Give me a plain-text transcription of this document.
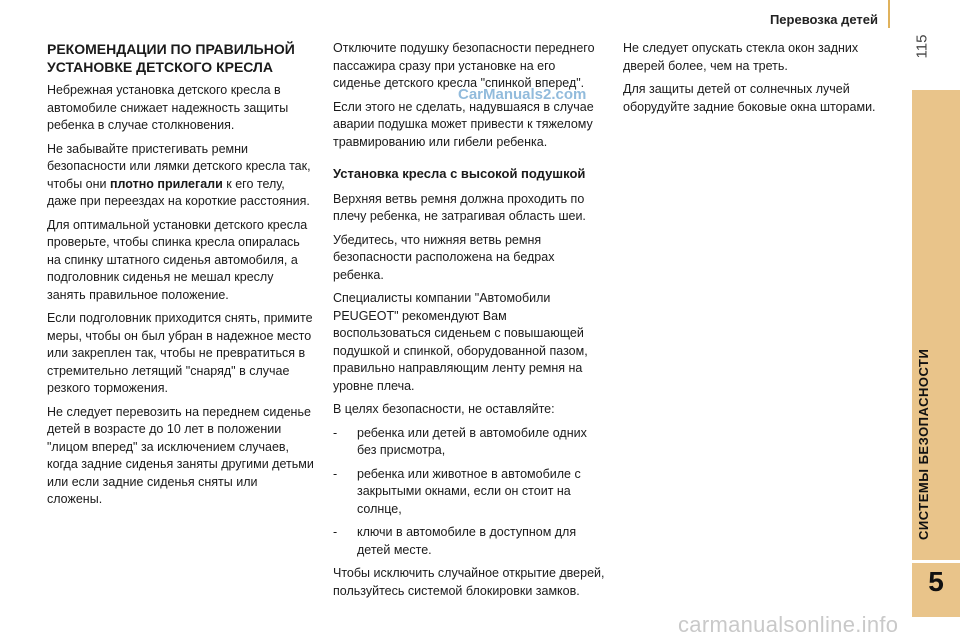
Перевозка детей
115
СИСТЕМЫ БЕЗОПАСНОСТИ
5
РЕКОМЕНДАЦИИ ПО ПРАВИЛЬНОЙ УСТАНОВКЕ ДЕТСКОГО КРЕСЛА

Небрежная установка детского кресла в автомобиле снижает надежность защиты ребенка в случае столкновения.

Не забывайте пристегивать ремни безопасности или лямки детского кресла так, чтобы они плотно прилегали к его телу, даже при переездах на короткие расстояния.

Для оптимальной установки детского кресла проверьте, чтобы спинка кресла опиралась на спинку штатного сиденья автомобиля, а подголовник сиденья не мешал креслу занять правильное положение.

Если подголовник приходится снять, примите меры, чтобы он был убран в надежное место или закреплен так, чтобы не превратиться в стремительно летящий "снаряд" в случае резкого торможения.

Не следует перевозить на переднем сиденье детей в возрасте до 10 лет в положении "лицом вперед" за исключением случаев, когда задние сиденья заняты другими детьми или если задние сиденья сняты или сложены.

Отключите подушку безопасности переднего пассажира сразу при установке на его сиденье детского кресла "спинкой вперед".

Если этого не сделать, надувшаяся в случае аварии подушка может привести к тяжелому травмированию или гибели ребенка.

Установка кресла с высокой подушкой

Верхняя ветвь ремня должна проходить по плечу ребенка, не затрагивая область шеи.

Убедитесь, что нижняя ветвь ремня безопасности расположена на бедрах ребенка.

Специалисты компании "Автомобили PEUGEOT" рекомендуют Вам воспользоваться сиденьем с повышающей подушкой и спинкой, оборудованной пазом, правильно направляющим ленту ремня на уровне плеча.

В целях безопасности, не оставляйте:

-	ребенка или детей в автомобиле одних без присмотра,
-	ребенка или животное в автомобиле с закрытыми окнами, если он стоит на солнце,
-	ключи в автомобиле в доступном для детей месте.

Чтобы исключить случайное открытие дверей, пользуйтесь системой блокировки замков.

Не следует опускать стекла окон задних дверей более, чем на треть.

Для защиты детей от солнечных лучей оборудуйте задние боковые окна шторами.

CarManuals2.com
carmanualsonline.info
